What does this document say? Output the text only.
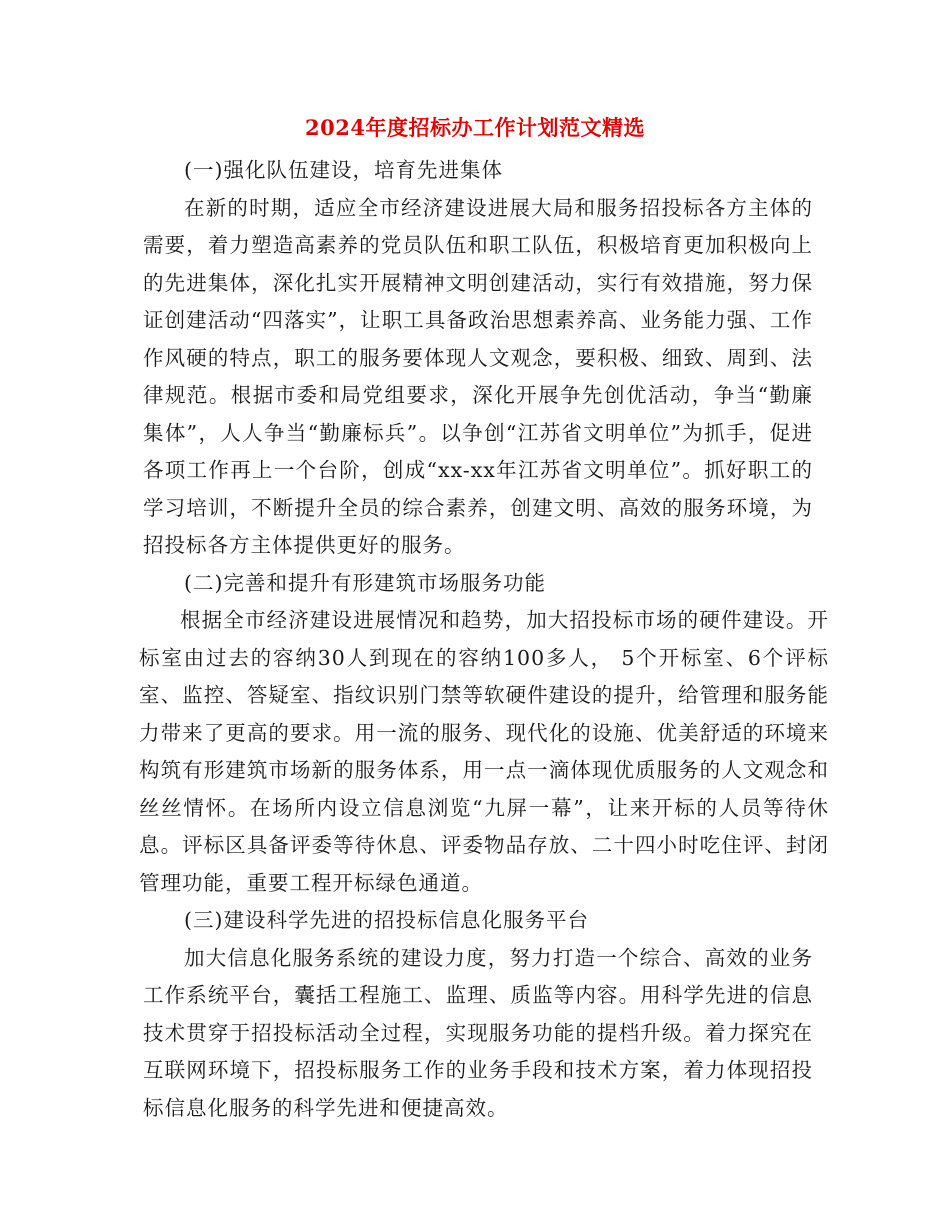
2024年度招标办工作计划范文精选
(一)强化队伍建设，培育先进集体
在新的时期，适应全市经济建设进展大局和服务招投标各方主体的需要，着力塑造高素养的党员队伍和职工队伍，积极培育更加积极向上的先进集体，深化扎实开展精神文明创建活动，实行有效措施，努力保证创建活动“四落实”，让职工具备政治思想素养高、业务能力强、工作作风硬的特点，职工的服务要体现人文观念，要积极、细致、周到、法律规范。根据市委和局党组要求，深化开展争先创优活动，争当“勤廉集体”，人人争当“勤廉标兵”。以争创“江苏省文明单位”为抓手，促进各项工作再上一个台阶，创成“xx-xx年江苏省文明单位”。抓好职工的学习培训，不断提升全员的综合素养，创建文明、高效的服务环境，为招投标各方主体提供更好的服务。
(二)完善和提升有形建筑市场服务功能
根据全市经济建设进展情况和趋势，加大招投标市场的硬件建设。开标室由过去的容纳30人到现在的容纳100多人， 5个开标室、6个评标室、监控、答疑室、指纹识别门禁等软硬件建设的提升，给管理和服务能力带来了更高的要求。用一流的服务、现代化的设施、优美舒适的环境来构筑有形建筑市场新的服务体系，用一点一滴体现优质服务的人文观念和丝丝情怀。在场所内设立信息浏览“九屏一幕”，让来开标的人员等待休息。评标区具备评委等待休息、评委物品存放、二十四小时吃住评、封闭管理功能，重要工程开标绿色通道。
(三)建设科学先进的招投标信息化服务平台
加大信息化服务系统的建设力度，努力打造一个综合、高效的业务工作系统平台，囊括工程施工、监理、质监等内容。用科学先进的信息技术贯穿于招投标活动全过程，实现服务功能的提档升级。着力探究在互联网环境下，招投标服务工作的业务手段和技术方案，着力体现招投标信息化服务的科学先进和便捷高效。
